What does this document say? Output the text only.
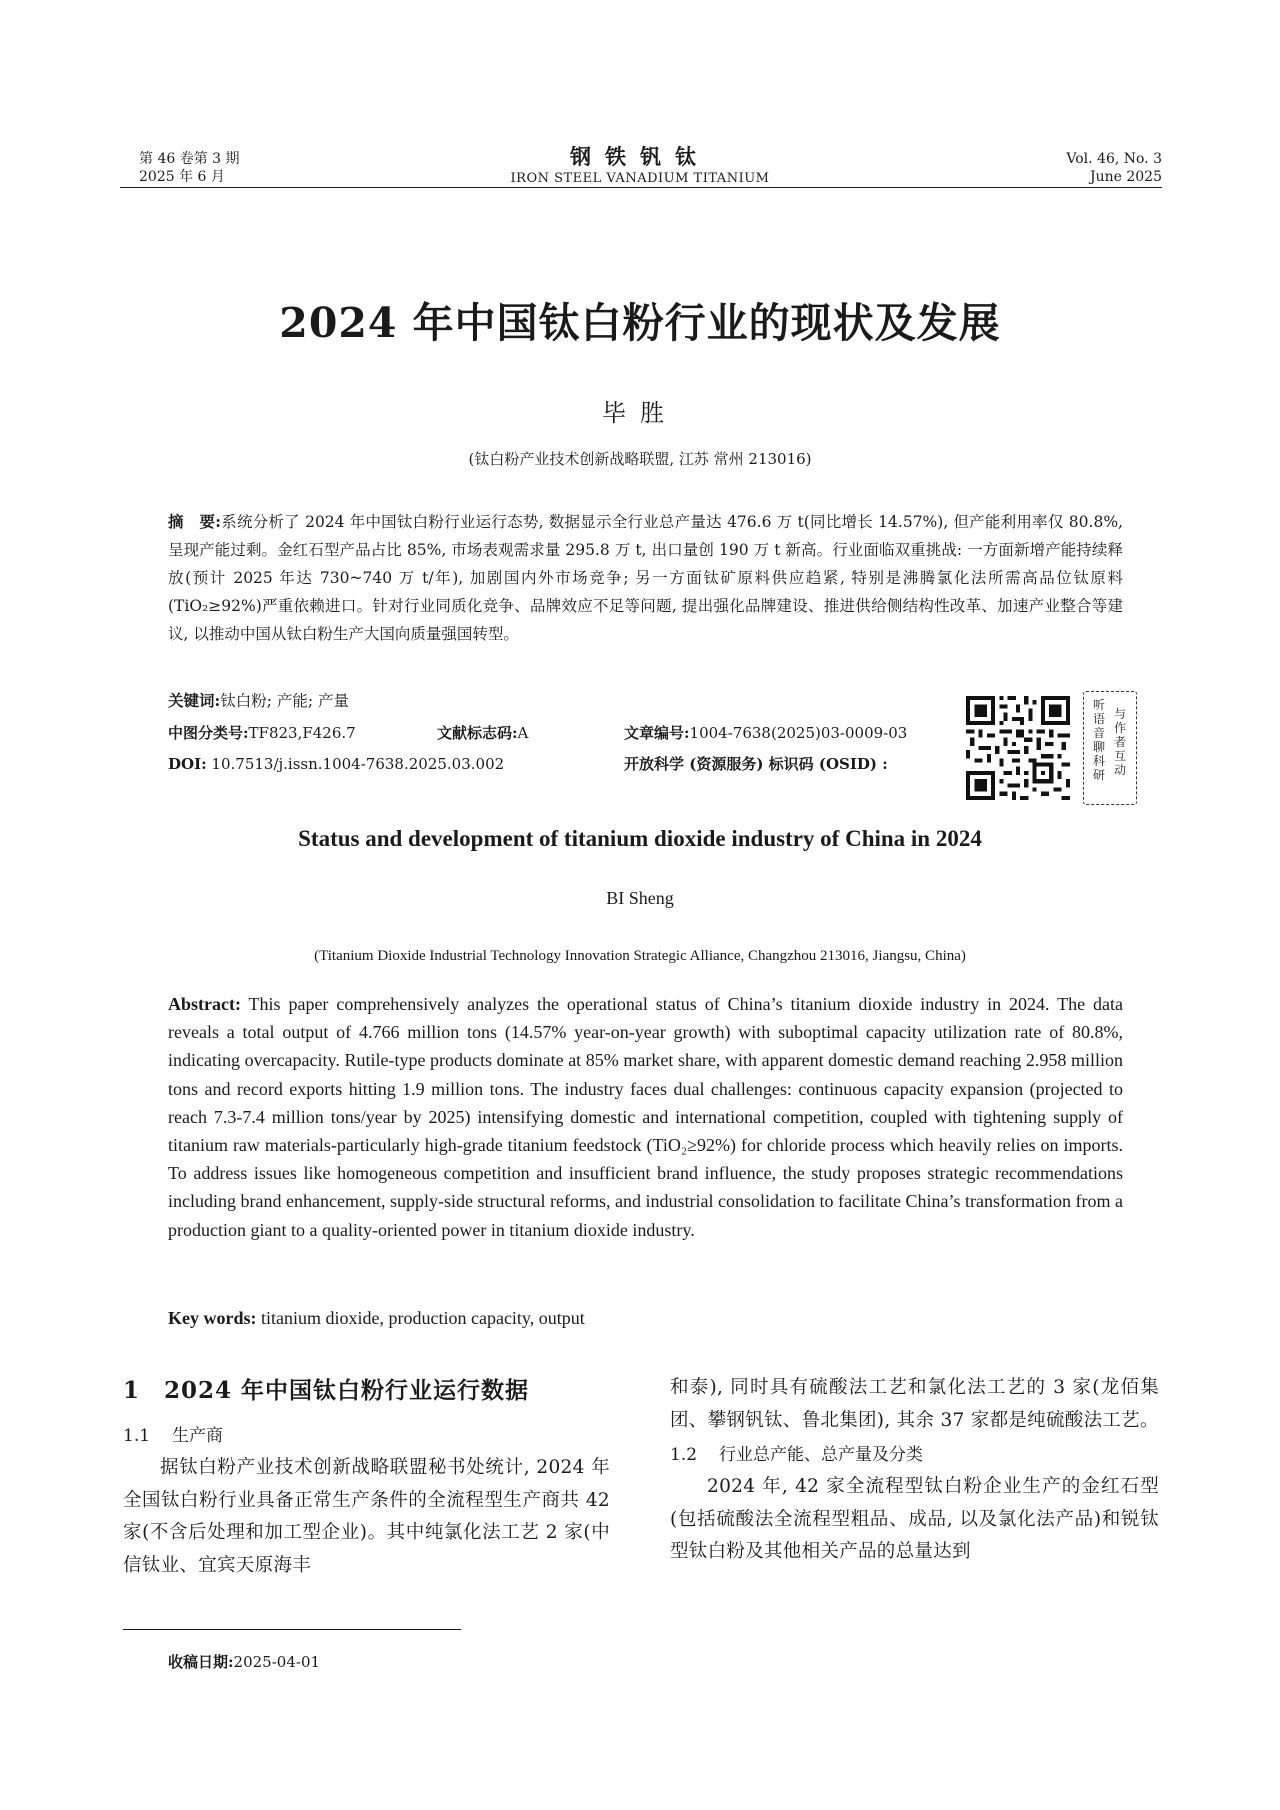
第 46 卷第 3 期
2025 年 6 月
钢铁钒钛
IRON STEEL VANADIUM TITANIUM
Vol. 46, No. 3
June 2025
2024 年中国钛白粉行业的现状及发展
毕胜
(钛白粉产业技术创新战略联盟, 江苏 常州 213016)
摘　要:系统分析了 2024 年中国钛白粉行业运行态势, 数据显示全行业总产量达 476.6 万 t(同比增长 14.57%), 但产能利用率仅 80.8%, 呈现产能过剩。金红石型产品占比 85%, 市场表观需求量 295.8 万 t, 出口量创 190 万 t 新高。行业面临双重挑战: 一方面新增产能持续释放(预计 2025 年达 730~740 万 t/年), 加剧国内外市场竞争; 另一方面钛矿原料供应趋紧, 特别是沸腾氯化法所需高品位钛原料(TiO₂≥92%)严重依赖进口。针对行业同质化竞争、品牌效应不足等问题, 提出强化品牌建设、推进供给侧结构性改革、加速产业整合等建议, 以推动中国从钛白粉生产大国向质量强国转型。
关键词:钛白粉; 产能; 产量
中图分类号:TF823,F426.7	文献标志码:A	文章编号:1004-7638(2025)03-0009-03
DOI: 10.7513/j.issn.1004-7638.2025.03.002	开放科学 (资源服务) 标识码 (OSID) :
听语音聊科研
与作者互动
Status and development of titanium dioxide industry of China in 2024
BI Sheng
(Titanium Dioxide Industrial Technology Innovation Strategic Alliance, Changzhou 213016, Jiangsu, China)
Abstract: This paper comprehensively analyzes the operational status of China’s titanium dioxide industry in 2024. The data reveals a total output of 4.766 million tons (14.57% year-on-year growth) with suboptimal capacity utilization rate of 80.8%, indicating overcapacity. Rutile-type products dominate at 85% market share, with apparent domestic demand reaching 2.958 million tons and record exports hitting 1.9 million tons. The industry faces dual challenges: continuous capacity expansion (projected to reach 7.3-7.4 million tons/year by 2025) intensifying domestic and international competition, coupled with tightening supply of titanium raw materials-particularly high-grade titanium feedstock (TiO₂≥92%) for chloride process which heavily relies on imports. To address issues like homogeneous competition and insufficient brand influence, the study proposes strategic recommendations including brand enhancement, supply-side structural reforms, and industrial consolidation to facilitate China’s transformation from a production giant to a quality-oriented power in titanium dioxide industry.
Key words: titanium dioxide, production capacity, output
1 2024 年中国钛白粉行业运行数据
1.1 生产商
据钛白粉产业技术创新战略联盟秘书处统计, 2024 年全国钛白粉行业具备正常生产条件的全流程型生产商共 42 家(不含后处理和加工型企业)。其中纯氯化法工艺 2 家(中信钛业、宜宾天原海丰
和泰), 同时具有硫酸法工艺和氯化法工艺的 3 家(龙佰集团、攀钢钒钛、鲁北集团), 其余 37 家都是纯硫酸法工艺。
1.2 行业总产能、总产量及分类
2024 年, 42 家全流程型钛白粉企业生产的金红石型(包括硫酸法全流程型粗品、成品, 以及氯化法产品)和锐钛型钛白粉及其他相关产品的总量达到
收稿日期:2025-04-01
